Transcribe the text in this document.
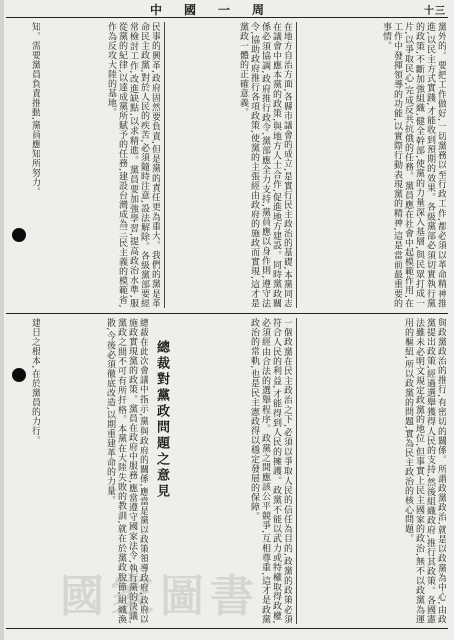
中國一周	十三
黨外的。要把工作做好,一切黨務以至行政工作,都必須以革命精神推進,以民主方式實踐,才能收到預期的效果。各級黨部必須切實執行黨的政策,不斷加強組織,健全幹部,使黨的力量深入基層,與民眾打成一片,以爭取民心,完成反共抗俄的任務。黨員應在社會中起模範作用,在工作中發揮領導的功能,以實際行動表現黨的精神,這是當前最重要的事情。
在地方自治方面,各縣市議會的成立,是實行民主政治的基礎,本黨同志在議會中應本黨的政策,與地方人士合作,促進地方建設。同時黨政關係必須協調,政府推行政令,黨部應全力支持,黨員應以身作則,遵守法令,協助政府推行各項政策,使黨的主張經由政府的施政而實現,這才是黨政一體的正確意義。
民事的興革,政府固然要負責,但是黨的責任更為重大。我們的黨是革命民主政黨,對於人民的疾苦,必須隨時注意,設法解除。各級黨部要經常檢討工作,改進缺點,以求精進。黨員要加強學習,提高政治水準,服從黨的紀律,以達成黨所賦予的任務,建設台灣成為三民主義的模範省,作為反攻大陸的基地。
知。需要黨員負責推動,黨員應知所努力。
與政黨政治的推行,有密切的關係。所謂政黨政治,就是以政黨為中心,由政黨提出政策,經過選舉獲得人民的支持,然後組織政府,推行其政策。各國憲法雖未必明文規定政黨的地位,但事實上民主國家的政治,無不以政黨為運用的樞紐,所以政黨的問題,實為民主政治的核心問題。
一個政黨在民主政治之下,必須以爭取人民的信任為目的,政黨的政策必須符合人民的利益,才能得到人民的擁護。政黨不能以武力或特權取得政權,必須經由合法的選舉程序。政黨之間應該公平競爭,互相尊重,這才是政黨政治的常軌,也是民主憲政得以穩定發展的保障。
總裁對黨政問題之意見
總裁在此次會議中指示,黨與政府的關係,應當是黨以政策領導政府,政府以施政實現黨的政策。黨員在政府中服務,應當遵守國家法令,執行黨的決議,黨政之間不可有所扞格。本黨在大陸失敗的教訓,就在於黨政脫節,組織渙散,今後必須徹底改造,以期重建革命的力量。
建日之根本,在於黨員的力行。
國家圖書
